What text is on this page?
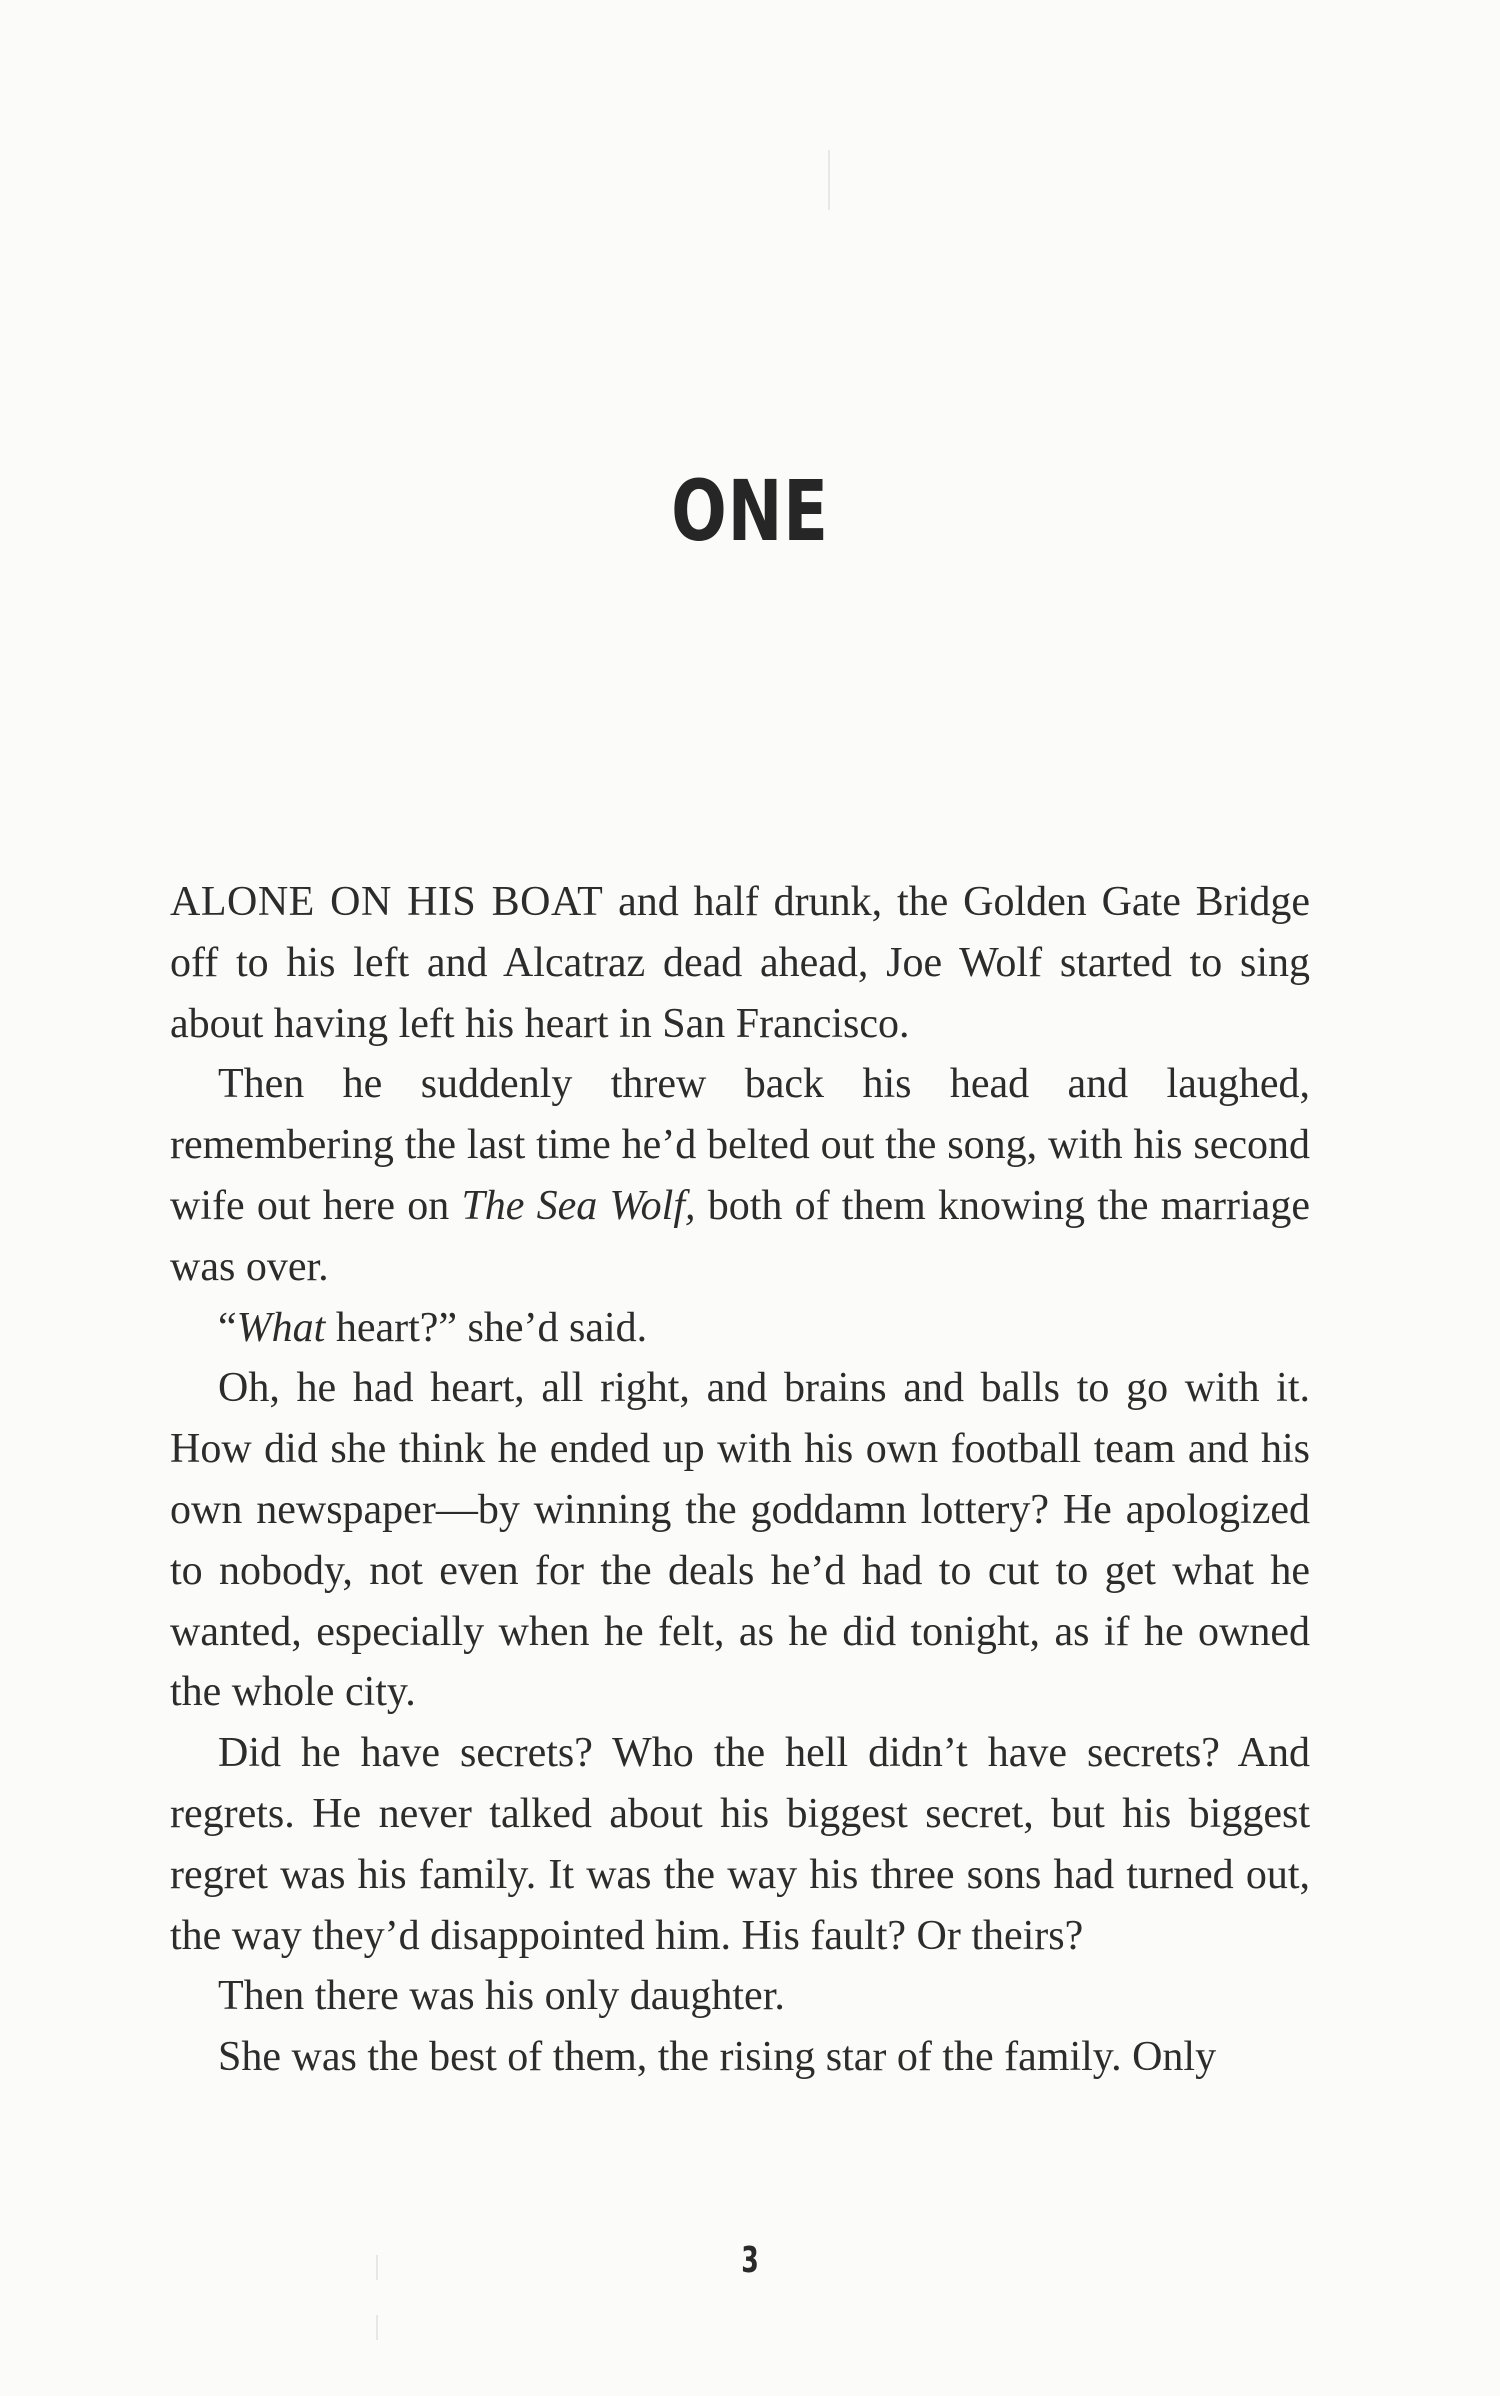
ONE

ALONE ON HIS BOAT and half drunk, the Golden Gate Bridge off to his left and Alcatraz dead ahead, Joe Wolf started to sing about having left his heart in San Francisco.

Then he suddenly threw back his head and laughed, remembering the last time he’d belted out the song, with his second wife out here on The Sea Wolf, both of them knowing the marriage was over.

“What heart?” she’d said.

Oh, he had heart, all right, and brains and balls to go with it. How did she think he ended up with his own football team and his own newspaper—by winning the goddamn lottery? He apologized to nobody, not even for the deals he’d had to cut to get what he wanted, especially when he felt, as he did tonight, as if he owned the whole city.

Did he have secrets? Who the hell didn’t have secrets? And regrets. He never talked about his biggest secret, but his biggest regret was his family. It was the way his three sons had turned out, the way they’d disappointed him. His fault? Or theirs?

Then there was his only daughter.

She was the best of them, the rising star of the family. Only

3
